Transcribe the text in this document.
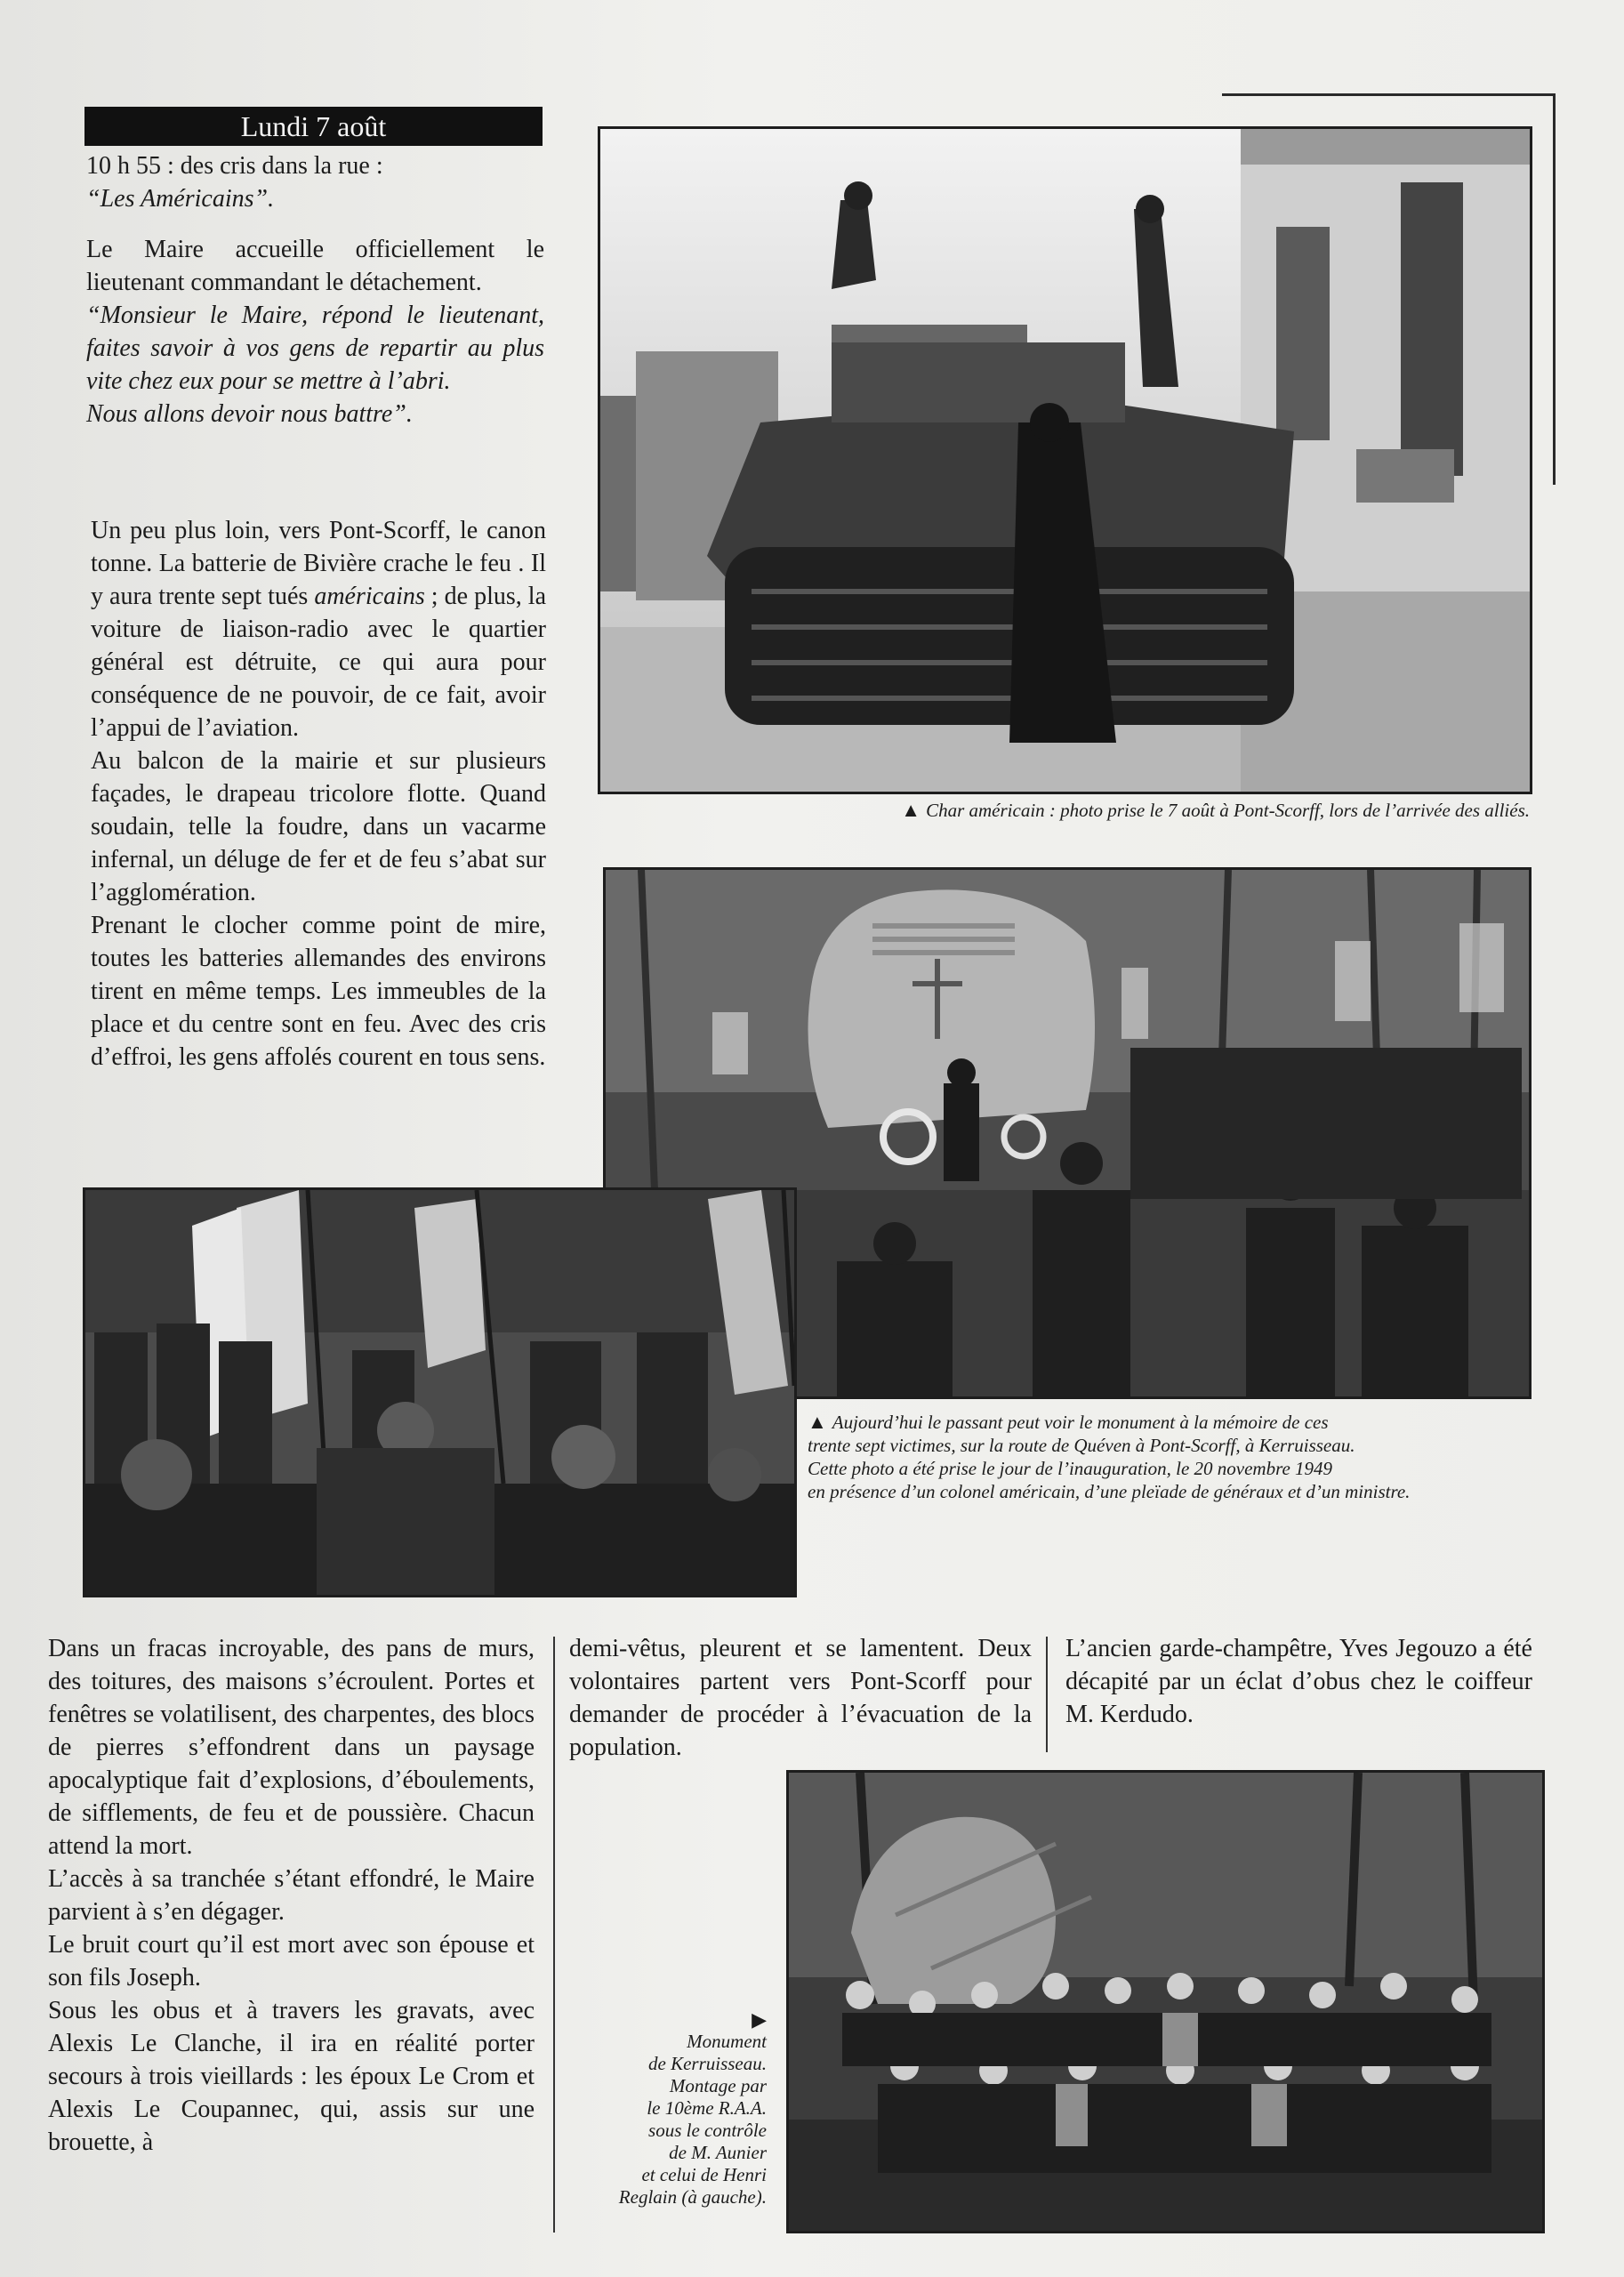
Lundi 7 août

10 h 55 : des cris dans la rue :

“Les Américains”.

Le Maire accueille officiellement le lieutenant commandant le détachement.

“Monsieur le Maire, répond le lieutenant, faites savoir à vos gens de repartir au plus vite chez eux pour se mettre à l’abri.

Nous allons devoir nous battre”.

Un peu plus loin, vers Pont-Scorff, le canon tonne. La batterie de Bivière crache le feu . Il y aura trente sept tués américains ; de plus, la voiture de liaison-radio avec le quartier général est détruite, ce qui aura pour conséquence de ne pouvoir, de ce fait, avoir l’appui de l’aviation.

Au balcon de la mairie et sur plusieurs façades, le drapeau tricolore flotte. Quand soudain, telle la foudre, dans un vacarme infernal, un déluge de fer et de feu s’abat sur l’agglomération.

Prenant le clocher comme point de mire, toutes les batteries allemandes des environs tirent en même temps. Les immeubles de la place et du centre sont en feu. Avec des cris d’effroi, les gens affolés courent en tous sens.

▲ Char américain : photo prise le 7 août à Pont-Scorff, lors de l’arrivée des alliés.
▲ Aujourd’hui le passant peut voir le monument à la mémoire de ces
trente sept victimes, sur la route de Quéven à Pont-Scorff, à Kerruisseau.
Cette photo a été prise le jour de l’inauguration, le 20 novembre 1949
en présence d’un colonel américain, d’une pleïade de généraux et d’un ministre.

Dans un fracas incroyable, des pans de murs, des toitures, des maisons s’écroulent. Portes et fenêtres se volatilisent, des charpentes, des blocs de pierres s’effondrent dans un paysage apocalyptique fait d’explosions, d’éboulements, de sifflements, de feu et de poussière. Chacun attend la mort.

L’accès à sa tranchée s’étant effondré, le Maire parvient à s’en dégager.

Le bruit court qu’il est mort avec son épouse et son fils Joseph.

Sous les obus et à travers les gravats, avec Alexis Le Clanche, il ira en réalité porter secours à trois vieillards : les époux Le Crom et Alexis Le Coupannec, qui, assis sur une brouette, à

demi-vêtus, pleurent et se lamentent. Deux volontaires partent vers Pont-Scorff pour demander de procéder à l’évacuation de la population.

L’ancien garde-champêtre, Yves Jegouzo a été décapité par un éclat d’obus chez le coiffeur M. Kerdudo.

▶
Monument
de Kerruisseau.
Montage par
le 10ème R.A.A.
sous le contrôle
de M. Aunier
et celui de Henri
Reglain (à gauche).
